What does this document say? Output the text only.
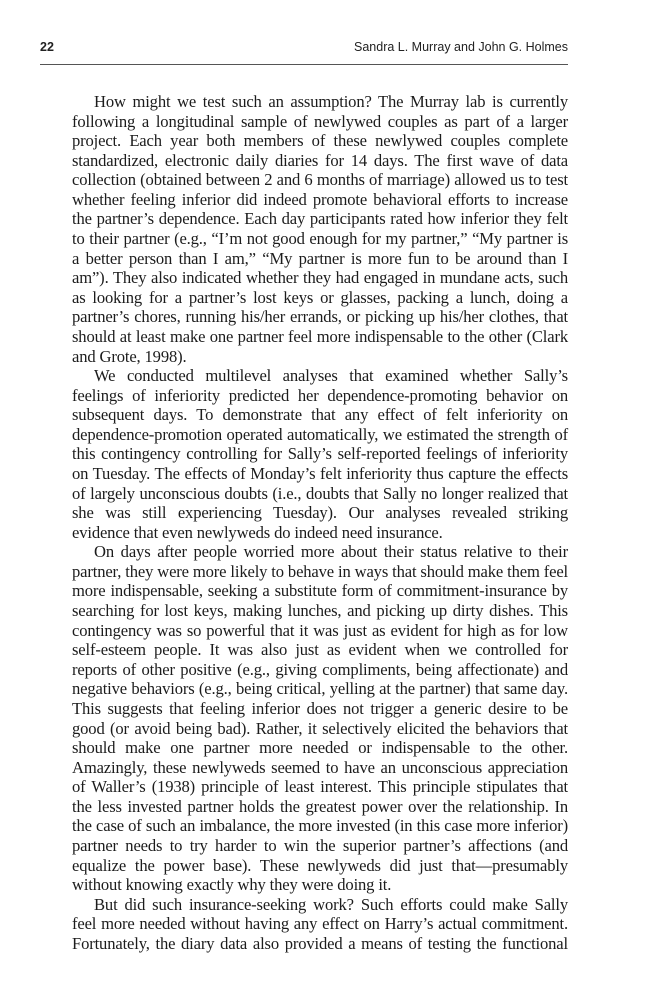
22	Sandra L. Murray and John G. Holmes

How might we test such an assumption? The Murray lab is currently following a longitudinal sample of newlywed couples as part of a larger project. Each year both members of these newlywed couples complete standardized, electronic daily diaries for 14 days. The first wave of data collection (obtained between 2 and 6 months of marriage) allowed us to test whether feeling inferior did indeed promote behavioral efforts to increase the partner’s dependence. Each day participants rated how inferior they felt to their partner (e.g., “I’m not good enough for my partner,” “My partner is a better person than I am,” “My partner is more fun to be around than I am”). They also indicated whether they had engaged in mundane acts, such as looking for a partner’s lost keys or glasses, packing a lunch, doing a partner’s chores, running his/her errands, or picking up his/her clothes, that should at least make one partner feel more indispensable to the other (Clark and Grote, 1998).

We conducted multilevel analyses that examined whether Sally’s feelings of inferiority predicted her dependence-promoting behavior on subsequent days. To demonstrate that any effect of felt inferiority on dependence-promotion operated automatically, we estimated the strength of this contingency controlling for Sally’s self-reported feelings of inferiority on Tuesday. The effects of Monday’s felt inferiority thus capture the effects of largely unconscious doubts (i.e., doubts that Sally no longer realized that she was still experiencing Tuesday). Our analyses revealed striking evidence that even newlyweds do indeed need insurance.

On days after people worried more about their status relative to their partner, they were more likely to behave in ways that should make them feel more indispensable, seeking a substitute form of commitment-insurance by searching for lost keys, making lunches, and picking up dirty dishes. This contingency was so powerful that it was just as evident for high as for low self-esteem people. It was also just as evident when we controlled for reports of other positive (e.g., giving compliments, being affectionate) and negative behaviors (e.g., being critical, yelling at the partner) that same day. This suggests that feeling inferior does not trigger a generic desire to be good (or avoid being bad). Rather, it selectively elicited the behaviors that should make one partner more needed or indispensable to the other. Amazingly, these newlyweds seemed to have an unconscious appreciation of Waller’s (1938) principle of least interest. This principle stipulates that the less invested partner holds the greatest power over the relationship. In the case of such an imbalance, the more invested (in this case more inferior) partner needs to try harder to win the superior partner’s affections (and equalize the power base). These newlyweds did just that—presumably without knowing exactly why they were doing it.

But did such insurance-seeking work? Such efforts could make Sally feel more needed without having any effect on Harry’s actual commitment. Fortunately, the diary data also provided a means of testing the functional
